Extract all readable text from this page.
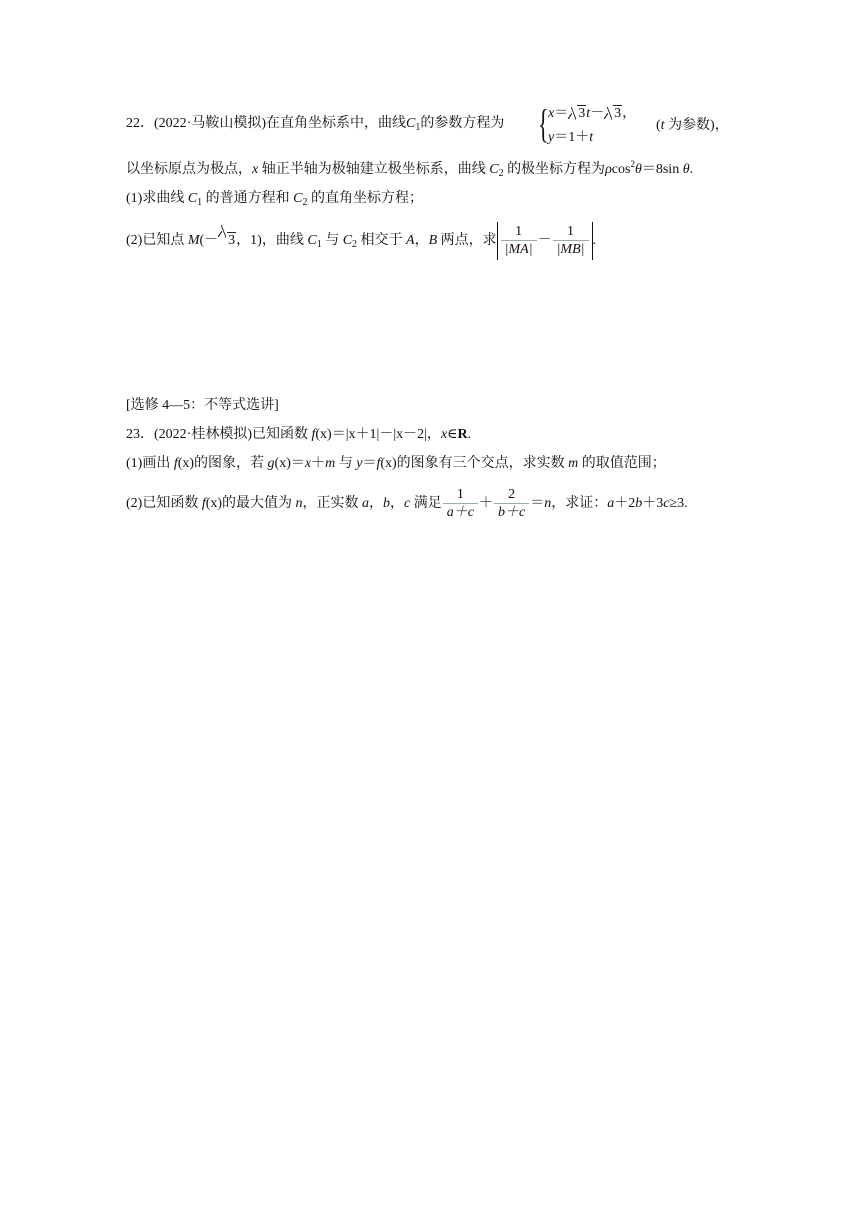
22．(2022·马鞍山模拟)在直角坐标系中，曲线$C_1$的参数方程为 { x＝ 3t－ 3，
y＝1＋t
(t 为参数)，
以坐标原点为极点，x 轴正半轴为极轴建立极坐标系，曲线 $C_2$ 的极坐标方程为ρcos$^2$θ＝8sin θ.
(1)求曲线 $C_1$ 的普通方程和 $C_2$ 的直角坐标方程；
(2)已知点 M(－ 3，1)，曲线 $C_1$ 与 $C_2$ 相交于 A，B 两点，求 $\frac{1}{|MA|} - \frac{1}{|MB|}$ .
[选修 4—5：不等式选讲]
23．(2022·桂林模拟)已知函数 f(x)＝|x＋1|－|x－2|，x∈R.
(1)画出 f(x)的图象，若 g(x)＝x＋m 与 y＝f(x)的图象有三个交点，求实数 m 的取值范围；
(2)已知函数 f(x)的最大值为 n，正实数 a，b，c 满足 $\frac{1}{a+c} + \frac{2}{b+c} =n$，求证：a＋2b＋3c≥3.
